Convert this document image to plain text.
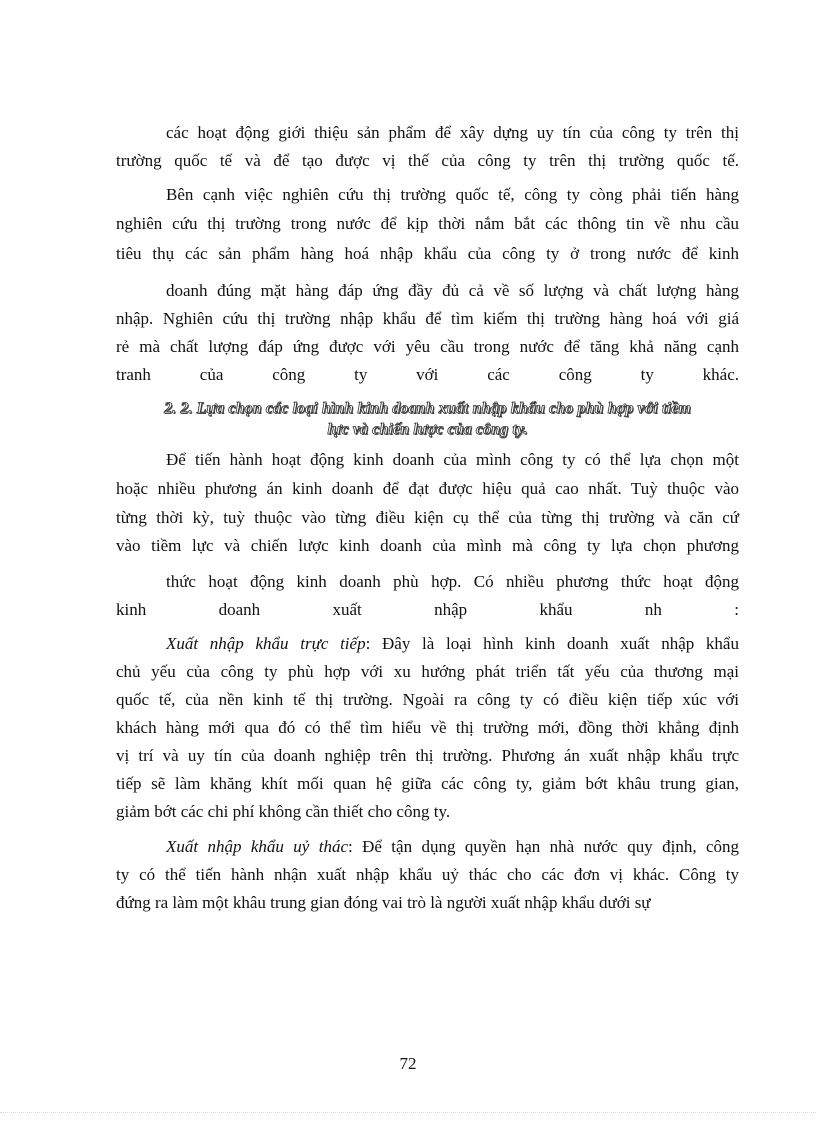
các hoạt động giới thiệu sản phẩm để xây dựng uy tín của công ty trên thị
trường quốc tế và để tạo được vị thế của công ty trên thị trường quốc tế.
Bên cạnh việc nghiên cứu thị trường quốc tế, công ty còng phải tiến hàng
nghiên cứu thị trường trong nước để kịp thời nắm bắt các thông tin về nhu cầu
tiêu thụ các sản phẩm hàng hoá nhập khẩu của công ty ở trong nước để kinh
doanh đúng mặt hàng đáp ứng đầy đủ cả về số lượng và chất lượng hàng
nhập. Nghiên cứu thị trường nhập khẩu để tìm kiếm thị trường hàng hoá với giá
rẻ mà chất lượng đáp ứng được với yêu cầu trong nước để tăng khả năng cạnh
tranh của công ty với các công ty khác.
2. 2. Lựa chọn các loại hình kinh doanh xuất nhập khẩu cho phù hợp với tiềm
lực và chiến lược của công ty.
Để tiến hành hoạt động kinh doanh của mình công ty có thể lựa chọn một
hoặc nhiều phương án kinh doanh để đạt được hiệu quả cao nhất. Tuỳ thuộc vào
từng thời kỳ, tuỳ thuộc vào từng điều kiện cụ thể của từng thị trường và căn cứ
vào tiềm lực và chiến lược kinh doanh của mình mà công ty lựa chọn phương
thức hoạt động kinh doanh phù hợp. Có nhiều phương thức hoạt động
kinh doanh xuất nhập khẩu nh :
Xuất nhập khẩu trực tiếp: Đây là loại hình kinh doanh xuất nhập khẩu
chủ yếu của công ty phù hợp với xu hướng phát triển tất yếu của thương mại
quốc tế, của nền kinh tế thị trường. Ngoài ra công ty có điều kiện tiếp xúc với
khách hàng mới qua đó có thể tìm hiểu về thị trường mới, đồng thời khẳng định
vị trí và uy tín của doanh nghiệp trên thị trường. Phương án xuất nhập khẩu trực
tiếp sẽ làm khăng khít mối quan hệ giữa các công ty, giảm bớt khâu trung gian,
giảm bớt các chi phí không cần thiết cho công ty.
Xuất nhập khẩu uỷ thác: Để tận dụng quyền hạn nhà nước quy định, công
ty có thể tiến hành nhận xuất nhập khẩu uỷ thác cho các đơn vị khác. Công ty
đứng ra làm một khâu trung gian đóng vai trò là người xuất nhập khẩu dưới sự
72
